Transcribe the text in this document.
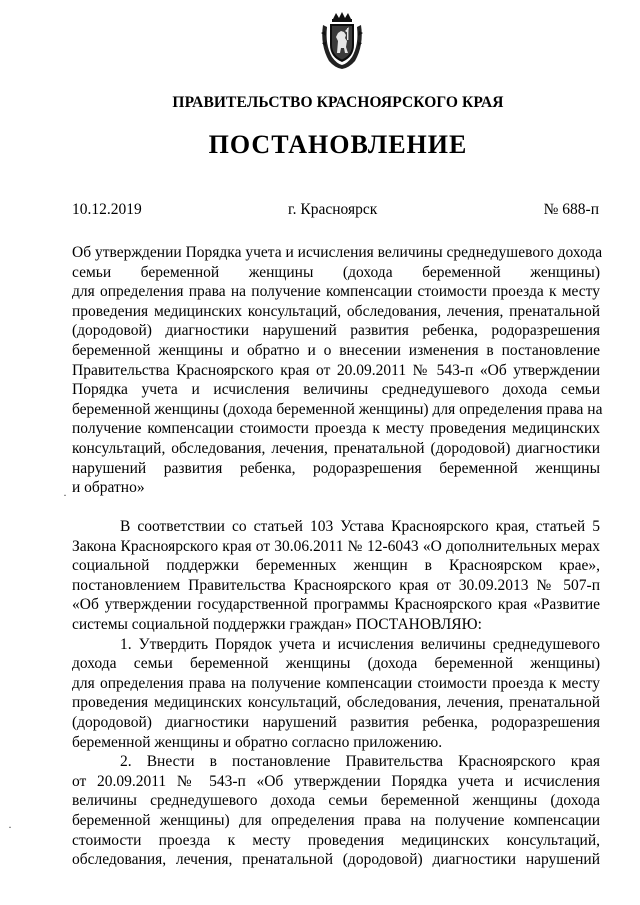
ПРАВИТЕЛЬСТВО КРАСНОЯРСКОГО КРАЯ
ПОСТАНОВЛЕНИЕ
10.12.2019	г. Красноярск	№ 688-п
Об утверждении Порядка учета и исчисления величины среднедушевого дохода
семьи беременной женщины (дохода беременной женщины)
для определения права на получение компенсации стоимости проезда к месту
проведения медицинских консультаций, обследования, лечения, пренатальной
(дородовой) диагностики нарушений развития ребенка, родоразрешения
беременной женщины и обратно и о внесении изменения в постановление
Правительства Красноярского края от 20.09.2011 № 543-п «Об утверждении
Порядка учета и исчисления величины среднедушевого дохода семьи
беременной женщины (дохода беременной женщины) для определения права на
получение компенсации стоимости проезда к месту проведения медицинских
консультаций, обследования, лечения, пренатальной (дородовой) диагностики
нарушений развития ребенка, родоразрешения беременной женщины
и обратно»
В соответствии со статьей 103 Устава Красноярского края, статьей 5
Закона Красноярского края от 30.06.2011 № 12-6043 «О дополнительных мерах
социальной поддержки беременных женщин в Красноярском крае»,
постановлением Правительства Красноярского края от 30.09.2013 № 507-п
«Об утверждении государственной программы Красноярского края «Развитие
системы социальной поддержки граждан» ПОСТАНОВЛЯЮ:
1. Утвердить Порядок учета и исчисления величины среднедушевого
дохода семьи беременной женщины (дохода беременной женщины)
для определения права на получение компенсации стоимости проезда к месту
проведения медицинских консультаций, обследования, лечения, пренатальной
(дородовой) диагностики нарушений развития ребенка, родоразрешения
беременной женщины и обратно согласно приложению.
2. Внести в постановление Правительства Красноярского края
от 20.09.2011 № 543-п «Об утверждении Порядка учета и исчисления
величины среднедушевого дохода семьи беременной женщины (дохода
беременной женщины) для определения права на получение компенсации
стоимости проезда к месту проведения медицинских консультаций,
обследования, лечения, пренатальной (дородовой) диагностики нарушений
·
·
